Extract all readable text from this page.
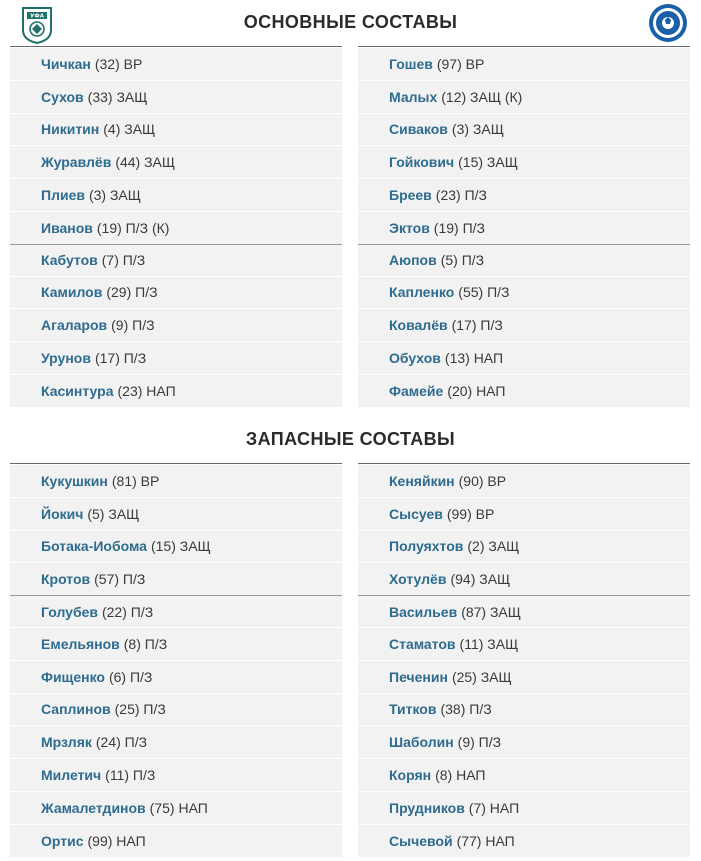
УФА	ОСНОВНЫЕ СОСТАВЫ
Чичкан (32) ВР
Сухов (33) ЗАЩ
Никитин (4) ЗАЩ
Журавлёв (44) ЗАЩ
Плиев (3) ЗАЩ
Иванов (19) П/З (К)
Кабутов (7) П/З
Камилов (29) П/З
Агаларов (9) П/З
Урунов (17) П/З
Касинтура (23) НАП
Гошев (97) ВР
Малых (12) ЗАЩ (К)
Сиваков (3) ЗАЩ
Гойкович (15) ЗАЩ
Бреев (23) П/З
Эктов (19) П/З
Аюпов (5) П/З
Капленко (55) П/З
Ковалёв (17) П/З
Обухов (13) НАП
Фамейе (20) НАП
ЗАПАСНЫЕ СОСТАВЫ
Кукушкин (81) ВР
Йокич (5) ЗАЩ
Ботака-Иобома (15) ЗАЩ
Кротов (57) П/З
Голубев (22) П/З
Емельянов (8) П/З
Фищенко (6) П/З
Саплинов (25) П/З
Мрзляк (24) П/З
Милетич (11) П/З
Жамалетдинов (75) НАП
Ортис (99) НАП
Кеняйкин (90) ВР
Сысуев (99) ВР
Полуяхтов (2) ЗАЩ
Хотулёв (94) ЗАЩ
Васильев (87) ЗАЩ
Стаматов (11) ЗАЩ
Печенин (25) ЗАЩ
Титков (38) П/З
Шаболин (9) П/З
Корян (8) НАП
Прудников (7) НАП
Сычевой (77) НАП
